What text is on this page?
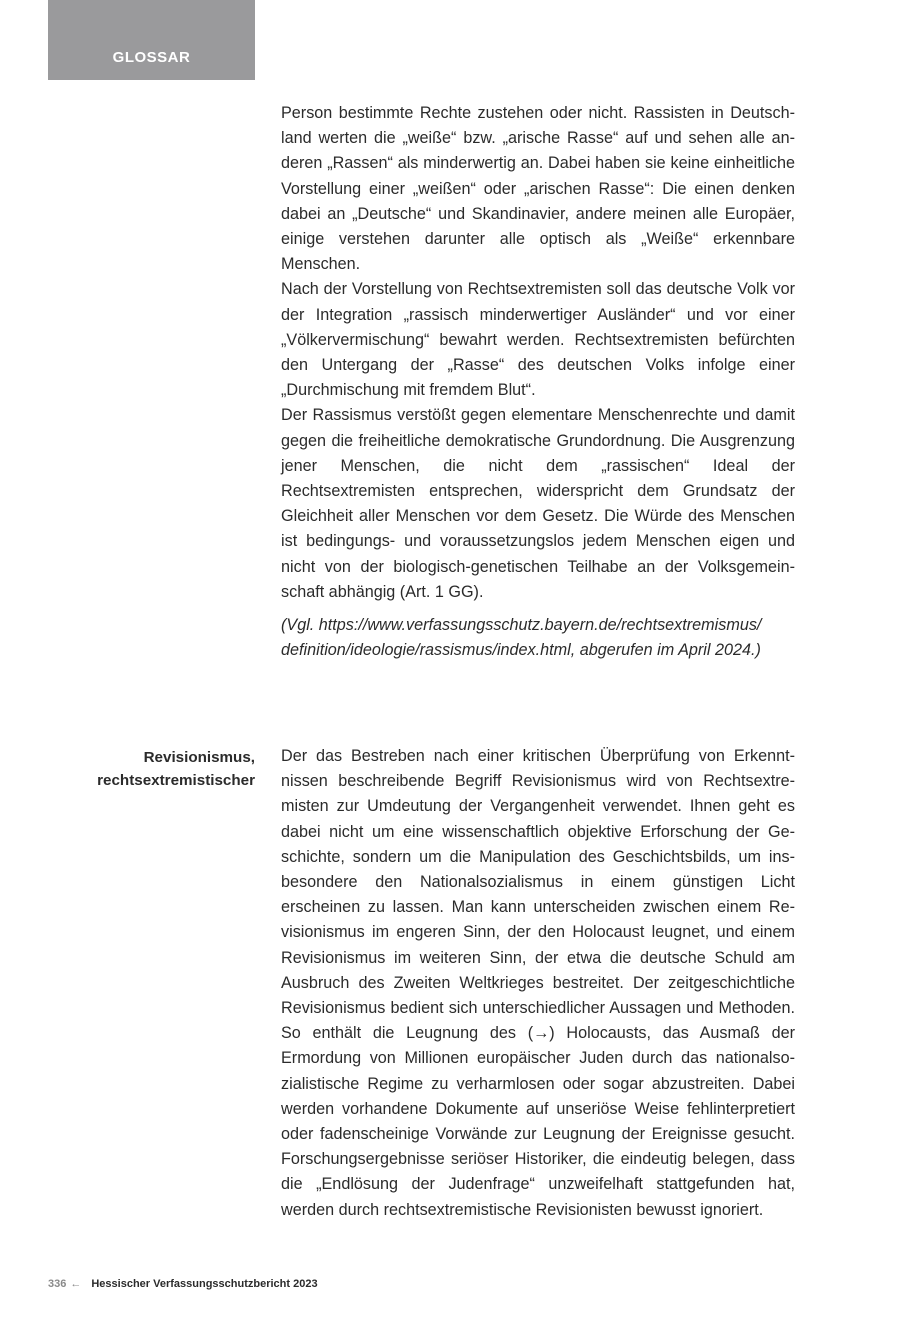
GLOSSAR

Person bestimmte Rechte zustehen oder nicht. Rassisten in Deutschland werten die „weiße“ bzw. „arische Rasse“ auf und sehen alle anderen „Rassen“ als minderwertig an. Dabei haben sie keine einheitliche Vorstellung einer „weißen“ oder „arischen Rasse“: Die einen denken dabei an „Deutsche“ und Skandinavier, andere meinen alle Europäer, einige verstehen darunter alle optisch als „Weiße“ erkennbare Menschen.

Nach der Vorstellung von Rechtsextremisten soll das deutsche Volk vor der Integration „rassisch minderwertiger Ausländer“ und vor einer „Völkervermischung“ bewahrt werden. Rechtsextremisten befürchten den Untergang der „Rasse“ des deutschen Volks infolge einer „Durchmischung mit fremdem Blut“.

Der Rassismus verstößt gegen elementare Menschenrechte und damit gegen die freiheitliche demokratische Grundordnung. Die Ausgrenzung jener Menschen, die nicht dem „rassischen“ Ideal der Rechtsextremisten entsprechen, widerspricht dem Grundsatz der Gleichheit aller Menschen vor dem Gesetz. Die Würde des Menschen ist bedingungs- und voraussetzungslos jedem Menschen eigen und nicht von der biologisch-genetischen Teilhabe an der Volksgemeinschaft abhängig (Art. 1 GG).

(Vgl. https://www.verfassungsschutz.bayern.de/rechtsextremismus/ definition/ideologie/rassismus/index.html, abgerufen im April 2024.)

Revisionismus, rechtsextremistischer

Der das Bestreben nach einer kritischen Überprüfung von Erkenntnissen beschreibende Begriff Revisionismus wird von Rechtsextremisten zur Umdeutung der Vergangenheit verwendet. Ihnen geht es dabei nicht um eine wissenschaftlich objektive Erforschung der Geschichte, sondern um die Manipulation des Geschichtsbilds, um insbesondere den Nationalsozialismus in einem günstigen Licht erscheinen zu lassen. Man kann unterscheiden zwischen einem Revisionismus im engeren Sinn, der den Holocaust leugnet, und einem Revisionismus im weiteren Sinn, der etwa die deutsche Schuld am Ausbruch des Zweiten Weltkrieges bestreitet. Der zeitgeschichtliche Revisionismus bedient sich unterschiedlicher Aussagen und Methoden. So enthält die Leugnung des (→) Holocausts, das Ausmaß der Ermordung von Millionen europäischer Juden durch das nationalsozialistische Regime zu verharmlosen oder sogar abzustreiten. Dabei werden vorhandene Dokumente auf unseriöse Weise fehlinterpretiert oder fadenscheinige Vorwände zur Leugnung der Ereignisse gesucht. Forschungsergebnisse seriöser Historiker, die eindeutig belegen, dass die „Endlösung der Judenfrage“ unzweifelhaft stattgefunden hat, werden durch rechtsextremistische Revisionisten bewusst ignoriert.

336 ← Hessischer Verfassungsschutzbericht 2023
